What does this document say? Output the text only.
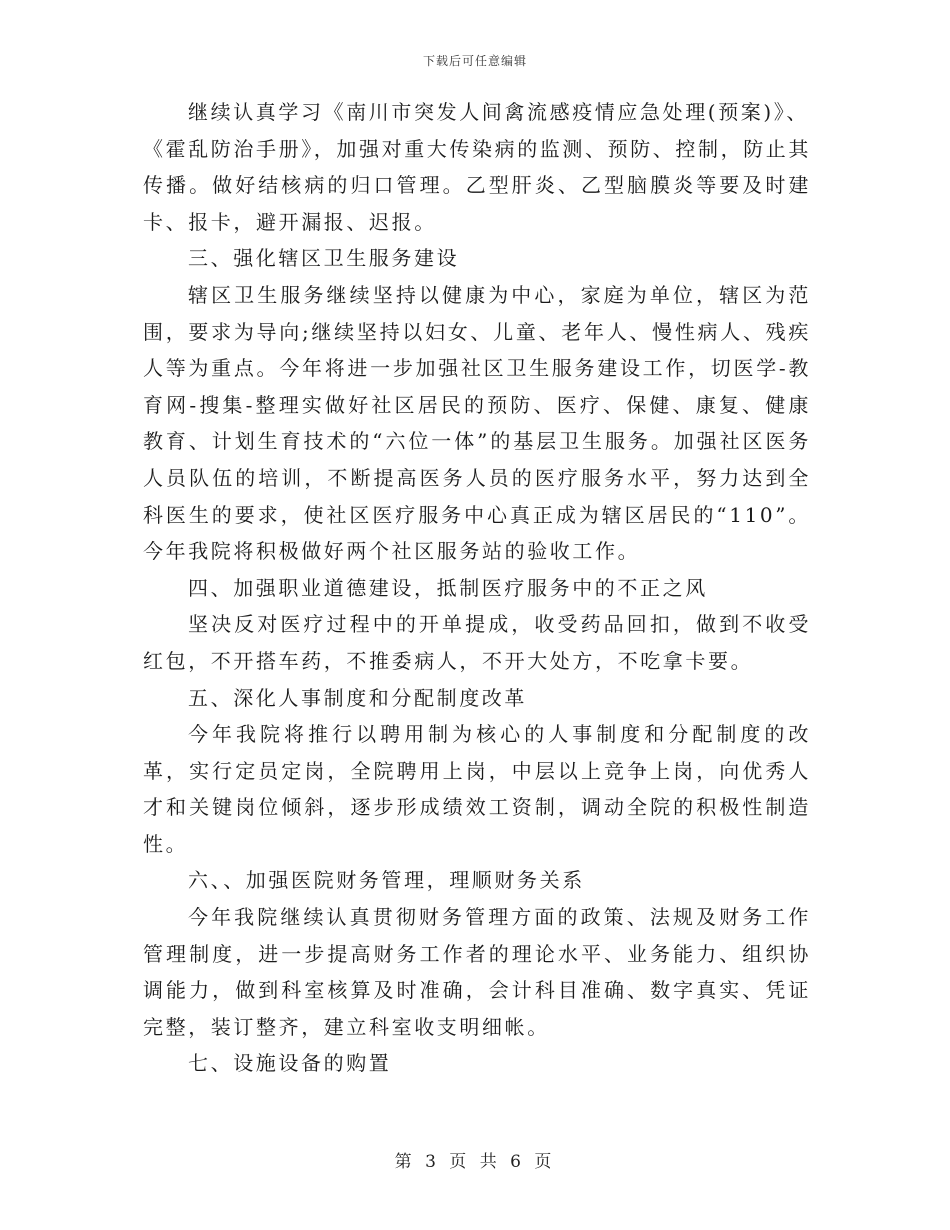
下载后可任意编辑

继续认真学习《南川市突发人间禽流感疫情应急处理(预案)》、
《霍乱防治手册》，加强对重大传染病的监测、预防、控制，防止其传播。做好结核病的归口管理。乙型肝炎、乙型脑膜炎等要及时建卡、报卡，避开漏报、迟报。

三、强化辖区卫生服务建设

辖区卫生服务继续坚持以健康为中心，家庭为单位，辖区为范围，要求为导向;继续坚持以妇女、儿童、老年人、慢性病人、残疾人等为重点。今年将进一步加强社区卫生服务建设工作，切医学-教育网-搜集-整理实做好社区居民的预防、医疗、保健、康复、健康教育、计划生育技术的“六位一体”的基层卫生服务。加强社区医务人员队伍的培训，不断提高医务人员的医疗服务水平，努力达到全科医生的要求，使社区医疗服务中心真正成为辖区居民的“110”。今年我院将积极做好两个社区服务站的验收工作。

四、加强职业道德建设，抵制医疗服务中的不正之风

坚决反对医疗过程中的开单提成，收受药品回扣，做到不收受红包，不开搭车药，不推委病人，不开大处方，不吃拿卡要。

五、深化人事制度和分配制度改革

今年我院将推行以聘用制为核心的人事制度和分配制度的改革，实行定员定岗，全院聘用上岗，中层以上竞争上岗，向优秀人才和关键岗位倾斜，逐步形成绩效工资制，调动全院的积极性制造性。

六、、加强医院财务管理，理顺财务关系

今年我院继续认真贯彻财务管理方面的政策、法规及财务工作管理制度，进一步提高财务工作者的理论水平、业务能力、组织协调能力，做到科室核算及时准确，会计科目准确、数字真实、凭证完整，装订整齐，建立科室收支明细帐。

七、设施设备的购置

第 3 页 共 6 页
